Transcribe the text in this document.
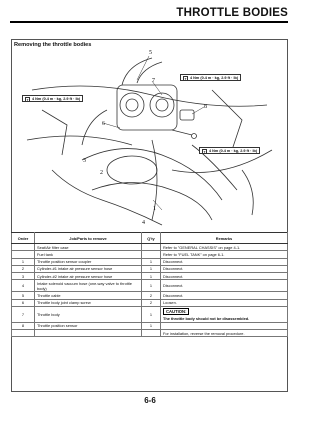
THROTTLE BODIES
Removing the throttle bodies
5
7
8
6
3
2
1
4
T 4 Nm (0.4 m · kg, 2.9 ft · lb)
T 4 Nm (0.4 m · kg, 2.9 ft · lb)
T 4 Nm (0.4 m · kg, 2.9 ft · lb)
Order	Job/Parts to remove	Q'ty	Remarks
	Seat/Air filter case		Refer to "GENERAL CHASSIS" on page 4-1.
	Fuel tank		Refer to "FUEL TANK" on page 6-1.
1	Throttle position sensor coupler	1	Disconnect.
2	Cylinder-#1 intake air pressure sensor hose	1	Disconnect.
3	Cylinder-#2 intake air pressure sensor hose	1	Disconnect.
4	Intake solenoid vacuum hose (one-way valve to throttle body)	1	Disconnect.
5	Throttle cable	2	Disconnect.
6	Throttle body joint clamp screw	2	Loosen.
7	Throttle body	1	CAUTION:
The throttle body should not be disassembled.
8	Throttle position sensor	1	
			For installation, reverse the removal procedure.
6-6
